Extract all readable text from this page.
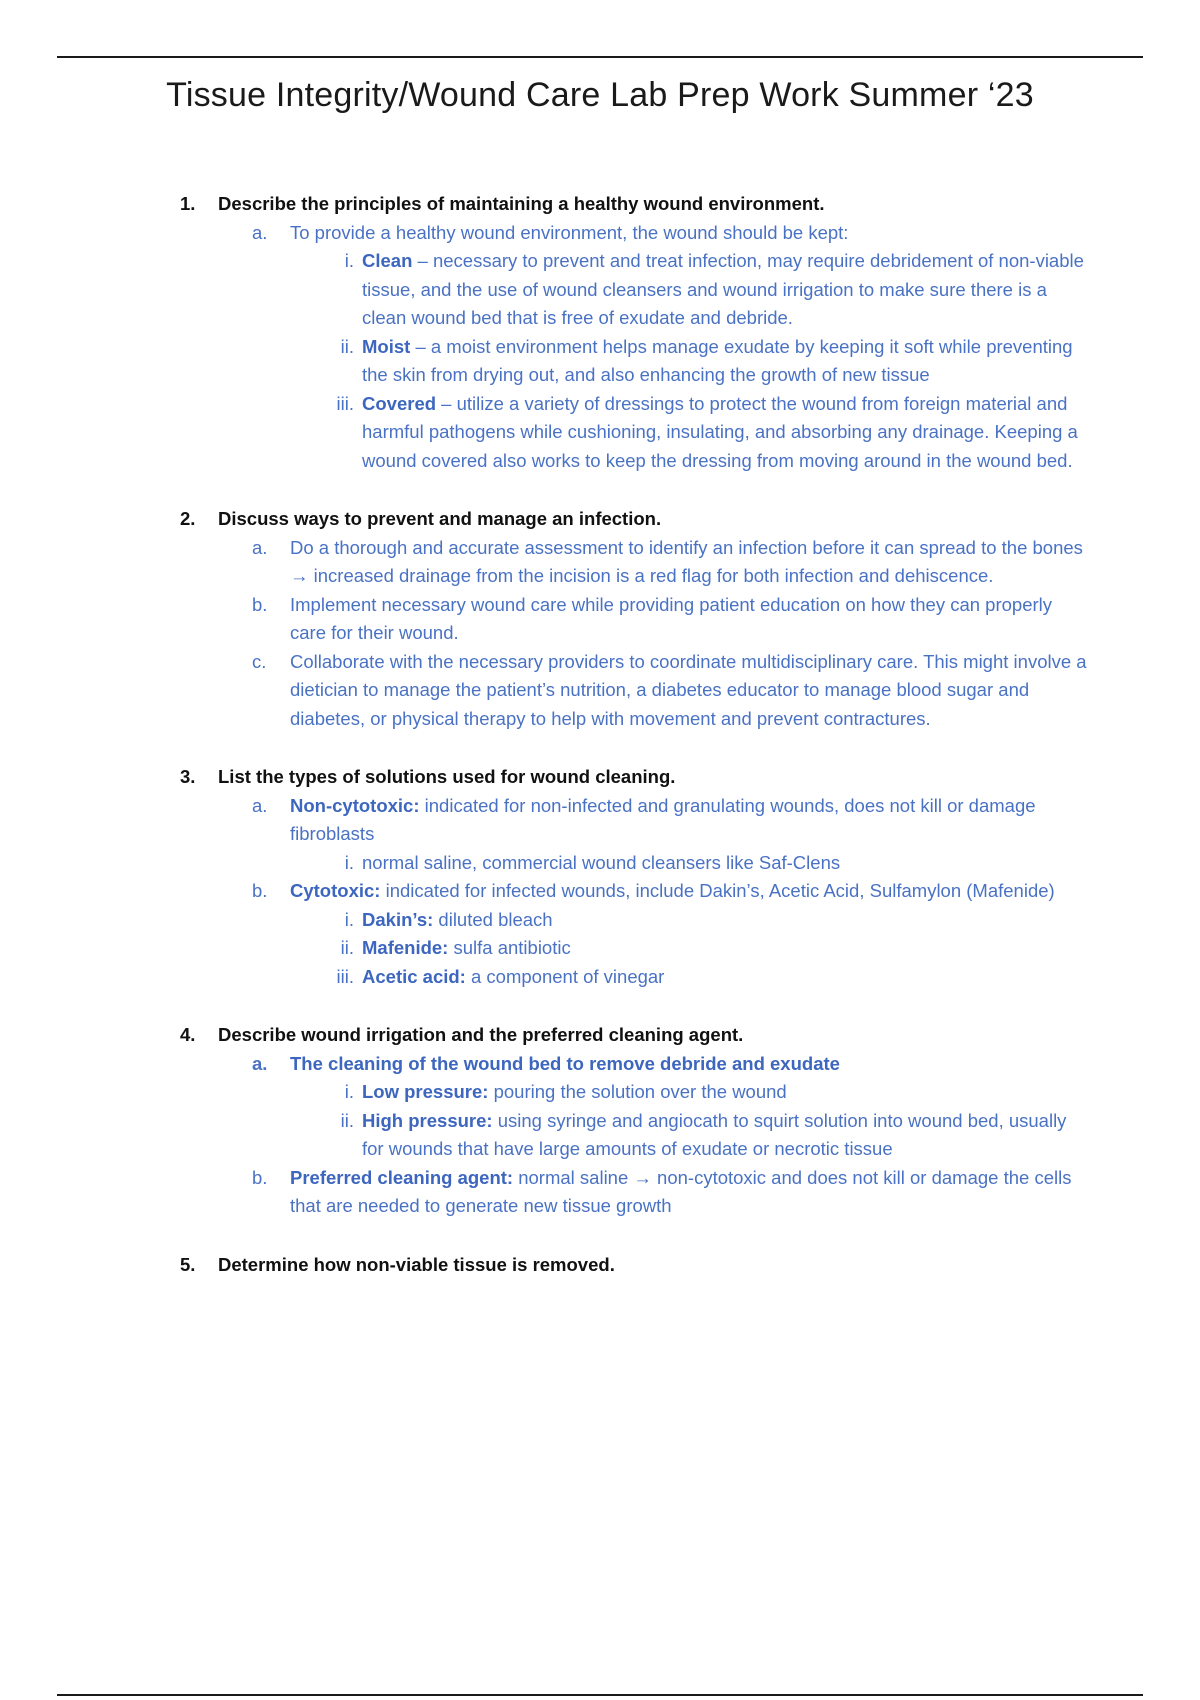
Tissue Integrity/Wound Care Lab Prep Work Summer ‘23
1.	Describe the principles of maintaining a healthy wound environment.
a. To provide a healthy wound environment, the wound should be kept:
i. Clean – necessary to prevent and treat infection, may require debridement of non-viable tissue, and the use of wound cleansers and wound irrigation to make sure there is a clean wound bed that is free of exudate and debride.
ii. Moist – a moist environment helps manage exudate by keeping it soft while preventing the skin from drying out, and also enhancing the growth of new tissue
iii. Covered – utilize a variety of dressings to protect the wound from foreign material and harmful pathogens while cushioning, insulating, and absorbing any drainage. Keeping a wound covered also works to keep the dressing from moving around in the wound bed.
2.	Discuss ways to prevent and manage an infection.
a. Do a thorough and accurate assessment to identify an infection before it can spread to the bones → increased drainage from the incision is a red flag for both infection and dehiscence.
b. Implement necessary wound care while providing patient education on how they can properly care for their wound.
c. Collaborate with the necessary providers to coordinate multidisciplinary care. This might involve a dietician to manage the patient’s nutrition, a diabetes educator to manage blood sugar and diabetes, or physical therapy to help with movement and prevent contractures.
3.	List the types of solutions used for wound cleaning.
a. Non-cytotoxic: indicated for non-infected and granulating wounds, does not kill or damage fibroblasts
i. normal saline, commercial wound cleansers like Saf-Clens
b. Cytotoxic: indicated for infected wounds, include Dakin’s, Acetic Acid, Sulfamylon (Mafenide)
i. Dakin’s: diluted bleach
ii. Mafenide: sulfa antibiotic
iii. Acetic acid: a component of vinegar
4.	Describe wound irrigation and the preferred cleaning agent.
a. The cleaning of the wound bed to remove debride and exudate
i. Low pressure: pouring the solution over the wound
ii. High pressure: using syringe and angiocath to squirt solution into wound bed, usually for wounds that have large amounts of exudate or necrotic tissue
b. Preferred cleaning agent: normal saline → non-cytotoxic and does not kill or damage the cells that are needed to generate new tissue growth
5.	Determine how non-viable tissue is removed.
